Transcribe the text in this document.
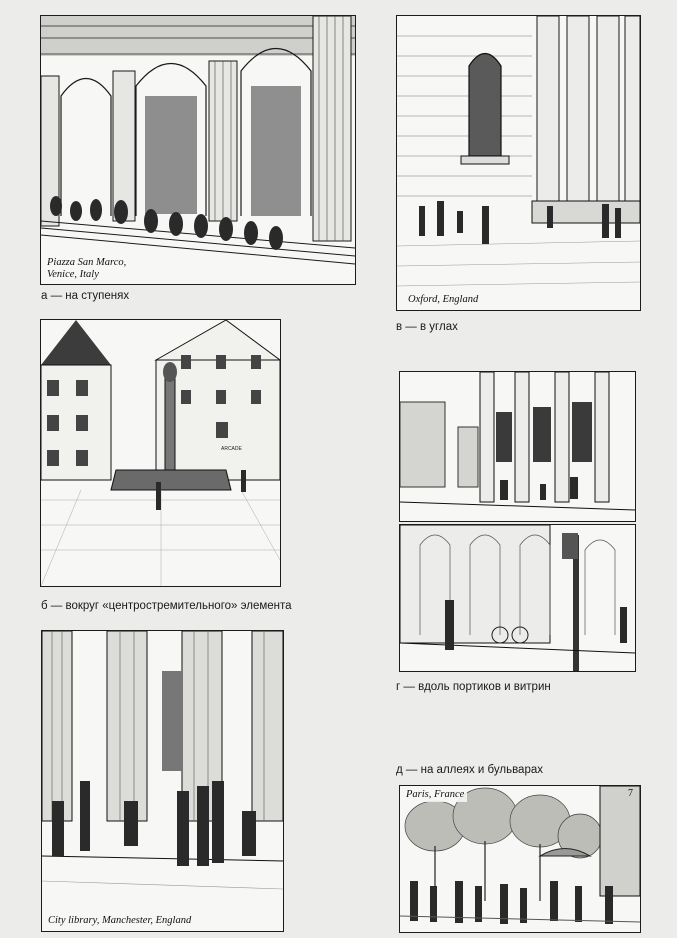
Piazza San Marco,
Venice, Italy
а — на ступенях	Oxford, England
в — в углах
ARCADE
б — вокруг «центростремительного» элемента
г — вдоль портиков и витрин
д — на аллеях и бульварах
City library, Manchester, England
Paris, France	7
